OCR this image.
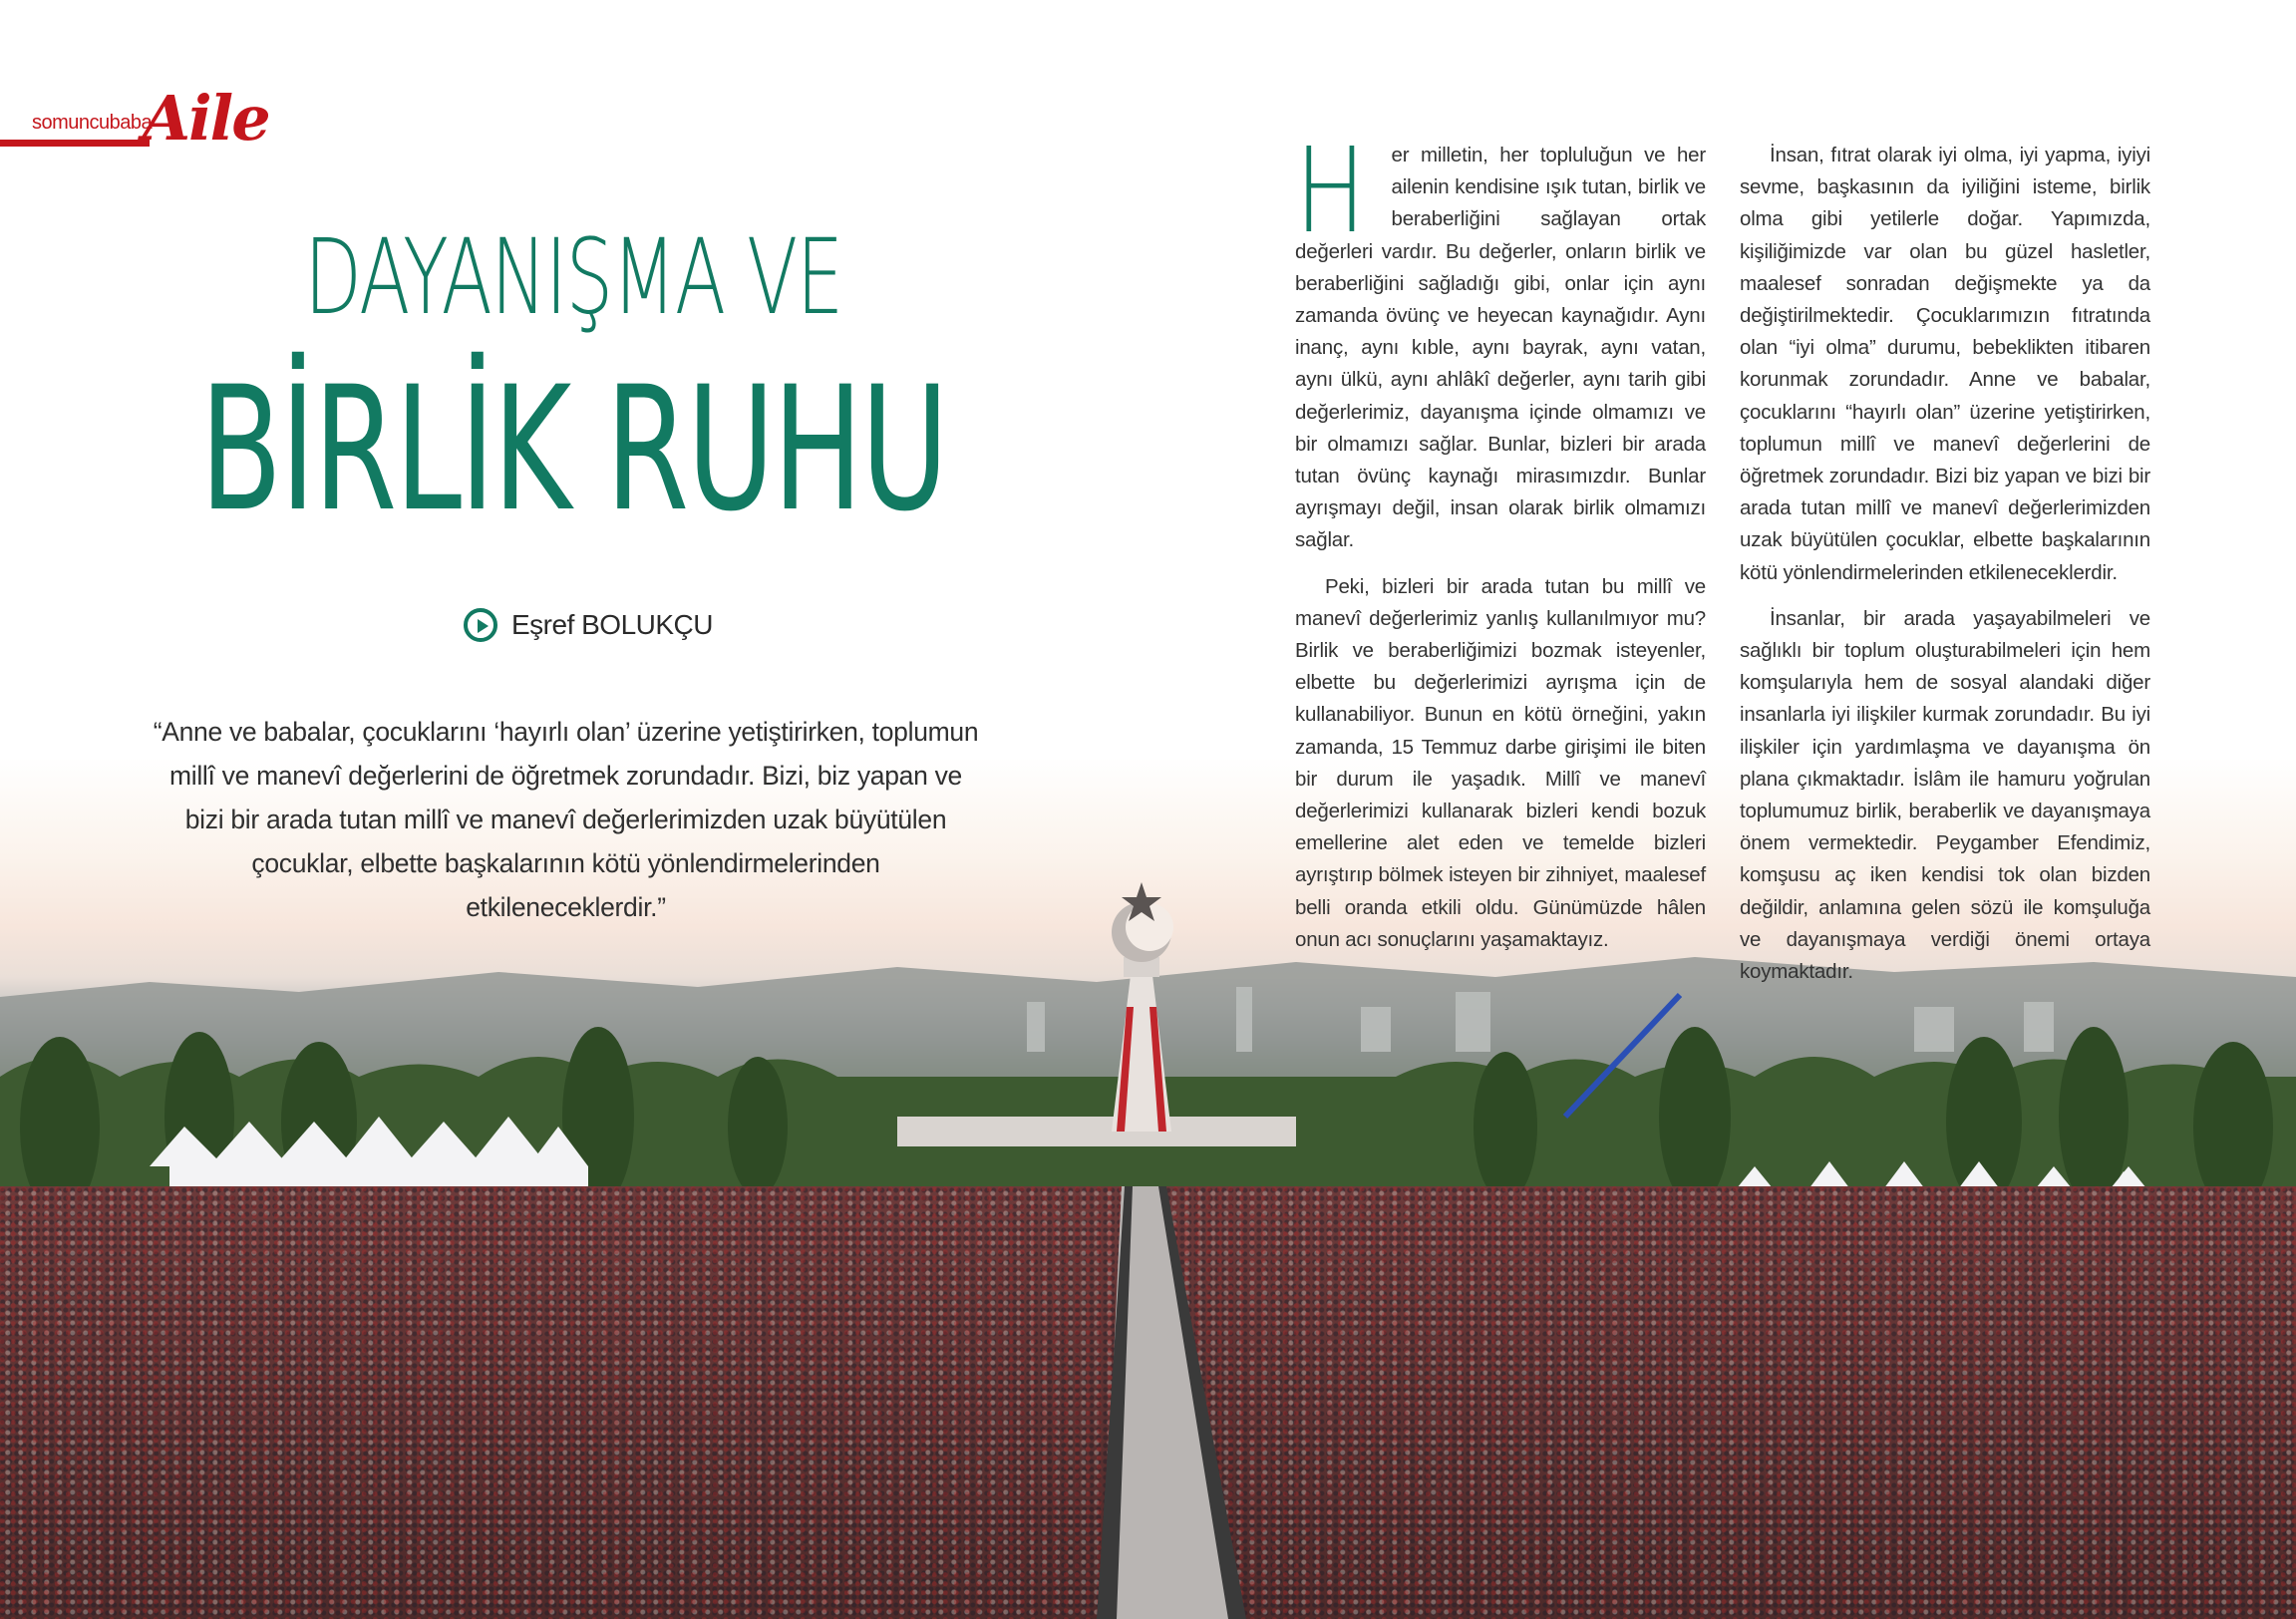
somuncubaba
Aile
DAYANIŞMA VE
BİRLİK RUHU
Eşref BOLUKÇU
“Anne ve babalar, çocuklarını ‘hayırlı olan’ üzerine yetiştirirken, toplumun millî ve manevî değerlerini de öğretmek zorundadır. Bizi, biz yapan ve bizi bir arada tutan millî ve manevî değerlerimizden uzak büyütülen çocuklar, elbette başkalarının kötü yönlendirmelerinden etkileneceklerdir.”

H er milletin, her topluluğun ve her ailenin kendisine ışık tutan, birlik ve beraberliğini sağlayan ortak değerleri vardır. Bu değerler, onların birlik ve beraberliğini sağladığı gibi, onlar için aynı zamanda övünç ve heyecan kaynağıdır. Aynı inanç, aynı kıble, aynı bayrak, aynı vatan, aynı ülkü, aynı ahlâkî değerler, aynı tarih gibi değerlerimiz, dayanışma içinde olmamızı ve bir olmamızı sağlar. Bunlar, bizleri bir arada tutan övünç kaynağı mirasımızdır. Bunlar ayrışmayı değil, insan olarak birlik olmamızı sağlar.

Peki, bizleri bir arada tutan bu millî ve manevî değerlerimiz yanlış kullanılmıyor mu? Birlik ve beraberliğimizi bozmak isteyenler, elbette bu değerlerimizi ayrışma için de kullanabiliyor. Bunun en kötü örneğini, yakın zamanda, 15 Temmuz darbe girişimi ile biten bir durum ile yaşadık. Millî ve manevî değerlerimizi kullanarak bizleri kendi bozuk emellerine alet eden ve temelde bizleri ayrıştırıp bölmek isteyen bir zihniyet, maalesef belli oranda etkili oldu. Günümüzde hâlen onun acı sonuçlarını yaşamaktayız.

İnsan, fıtrat olarak iyi olma, iyi yapma, iyiyi sevme, başkasının da iyiliğini isteme, birlik olma gibi yetilerle doğar. Yapımızda, kişiliğimizde var olan bu güzel hasletler, maalesef sonradan değişmekte ya da değiştirilmektedir. Çocuklarımızın fıtratında olan “iyi olma” durumu, bebeklikten itibaren korunmak zorundadır. Anne ve babalar, çocuklarını “hayırlı olan” üzerine yetiştirirken, toplumun millî ve manevî değerlerini de öğretmek zorundadır. Bizi biz yapan ve bizi bir arada tutan millî ve manevî değerlerimizden uzak büyütülen çocuklar, elbette başkalarının kötü yönlendirmelerinden etkileneceklerdir.

İnsanlar, bir arada yaşayabilmeleri ve sağlıklı bir toplum oluşturabilmeleri için hem komşularıyla hem de sosyal alandaki diğer insanlarla iyi ilişkiler kurmak zorundadır. Bu iyi ilişkiler için yardımlaşma ve dayanışma ön plana çıkmaktadır. İslâm ile hamuru yoğrulan toplumumuz birlik, beraberlik ve dayanışmaya önem vermektedir. Peygamber Efendimiz, komşusu aç iken kendisi tok olan bizden değildir, anlamına gelen sözü ile komşuluğa ve dayanışmaya verdiği önemi ortaya koymaktadır.
